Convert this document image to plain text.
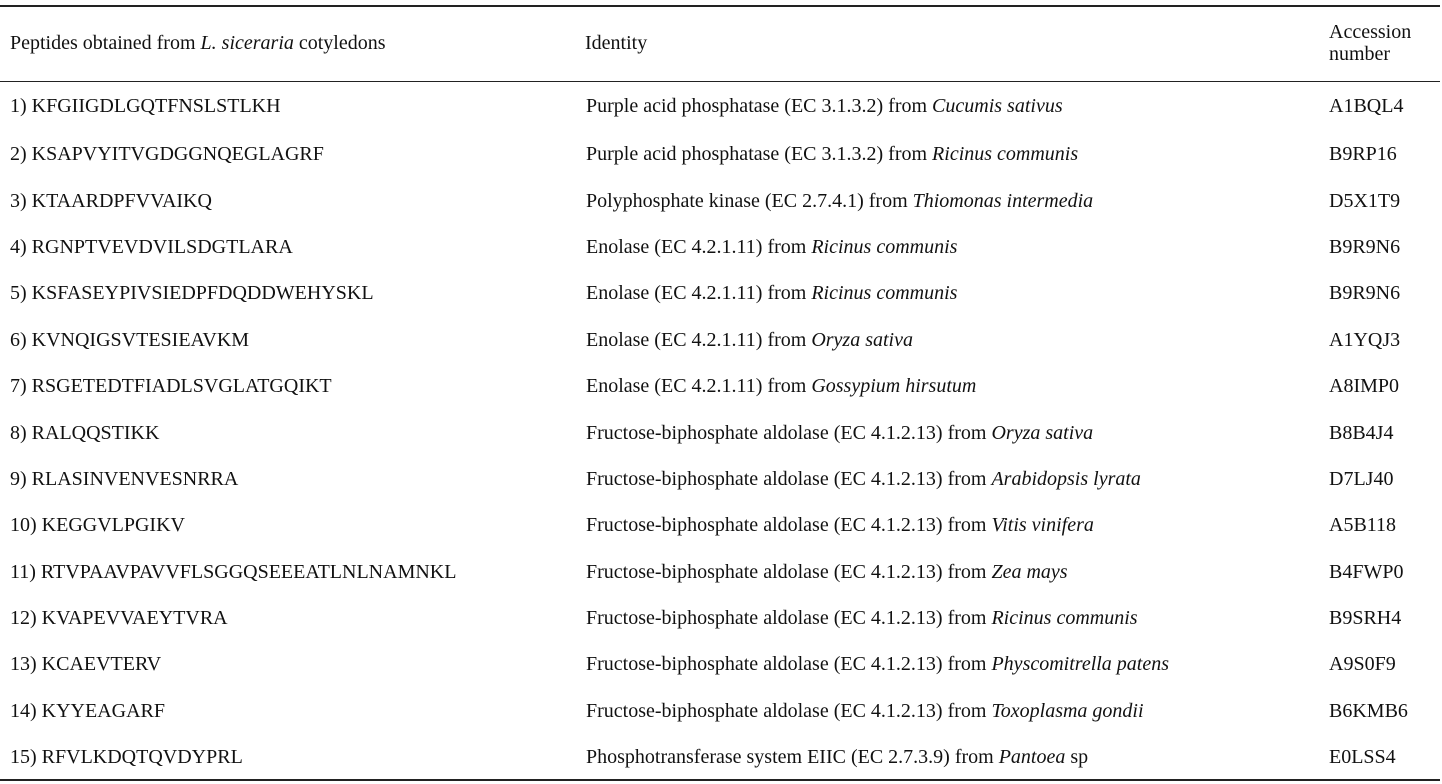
Peptides obtained from L. siceraria cotyledons	Identity	Accession
number

1) KFGIIGDLGQTFNSLSTLKH	Purple acid phosphatase (EC 3.1.3.2) from Cucumis sativus	A1BQL4
2) KSAPVYITVGDGGNQEGLAGRF	Purple acid phosphatase (EC 3.1.3.2) from Ricinus communis	B9RP16
3) KTAARDPFVVAIKQ	Polyphosphate kinase (EC 2.7.4.1) from Thiomonas intermedia	D5X1T9
4) RGNPTVEVDVILSDGTLARA	Enolase (EC 4.2.1.11) from Ricinus communis	B9R9N6
5) KSFASEYPIVSIEDPFDQDDWEHYSKL	Enolase (EC 4.2.1.11) from Ricinus communis	B9R9N6
6) KVNQIGSVTESIEAVKM	Enolase (EC 4.2.1.11) from Oryza sativa	A1YQJ3
7) RSGETEDTFIADLSVGLATGQIKT	Enolase (EC 4.2.1.11) from Gossypium hirsutum	A8IMP0
8) RALQQSTIKK	Fructose-biphosphate aldolase (EC 4.1.2.13) from Oryza sativa	B8B4J4
9) RLASINVENVESNRRA	Fructose-biphosphate aldolase (EC 4.1.2.13) from Arabidopsis lyrata	D7LJ40
10) KEGGVLPGIKV	Fructose-biphosphate aldolase (EC 4.1.2.13) from Vitis vinifera	A5B118
11) RTVPAAVPAVVFLSGGQSEEEATLNLNAMNKL	Fructose-biphosphate aldolase (EC 4.1.2.13) from Zea mays	B4FWP0
12) KVAPEVVAEYTVRA	Fructose-biphosphate aldolase (EC 4.1.2.13) from Ricinus communis	B9SRH4
13) KCAEVTERV	Fructose-biphosphate aldolase (EC 4.1.2.13) from Physcomitrella patens	A9S0F9
14) KYYEAGARF	Fructose-biphosphate aldolase (EC 4.1.2.13) from Toxoplasma gondii	B6KMB6
15) RFVLKDQTQVDYPRL	Phosphotransferase system EIIC (EC 2.7.3.9) from Pantoea sp	E0LSS4
